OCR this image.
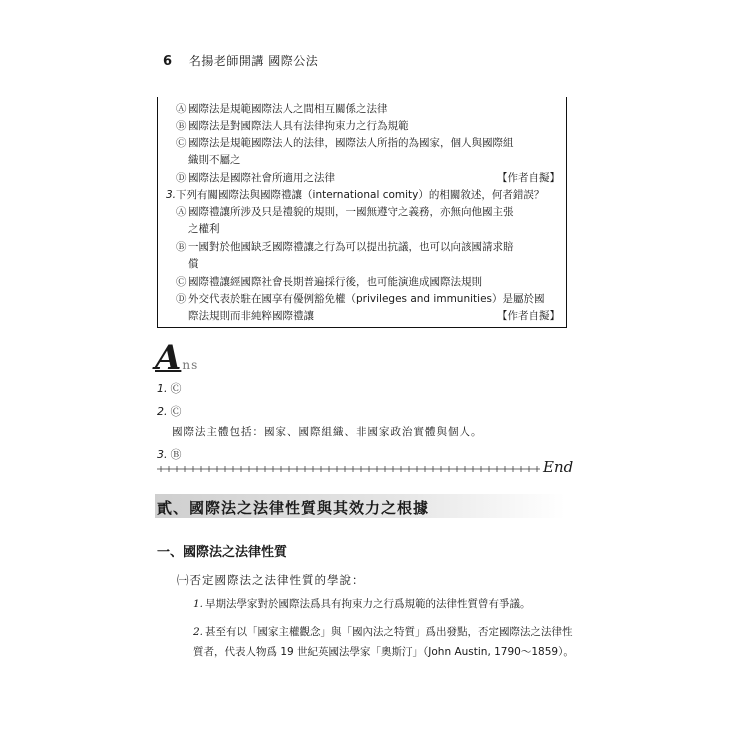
6 名揚老師開講 國際公法
Ⓐ 國際法是規範國際法人之間相互關係之法律
Ⓑ 國際法是對國際法人具有法律拘束力之行為規範
Ⓒ 國際法是規範國際法人的法律，國際法人所指的為國家，個人與國際組
織則不屬之
Ⓓ 國際法是國際社會所適用之法律	【作者自擬】
3.下列有關國際法與國際禮讓（international comity）的相關敘述，何者錯誤？
Ⓐ 國際禮讓所涉及只是禮貌的規則，一國無遵守之義務，亦無向他國主張
之權利
Ⓑ 一國對於他國缺乏國際禮讓之行為可以提出抗議，也可以向該國請求賠
償
Ⓒ 國際禮讓經國際社會長期普遍採行後，也可能演進成國際法規則
Ⓓ 外交代表於駐在國享有優例豁免權（privileges and immunities）是屬於國
際法規則而非純粹國際禮讓	【作者自擬】
Ans
1. Ⓒ
2. Ⓒ
國際法主體包括：國家、國際組織、非國家政治實體與個人。
3. Ⓑ
End
貳、國際法之法律性質與其效力之根據
一、國際法之法律性質
㈠否定國際法之法律性質的學說：
1. 早期法學家對於國際法爲具有拘束力之行爲規範的法律性質曾有爭議。
2. 甚至有以「國家主權觀念」與「國內法之特質」爲出發點，否定國際法之法律性質者，代表人物爲 19 世紀英國法學家「奧斯汀」（John Austin, 1790～1859）。
